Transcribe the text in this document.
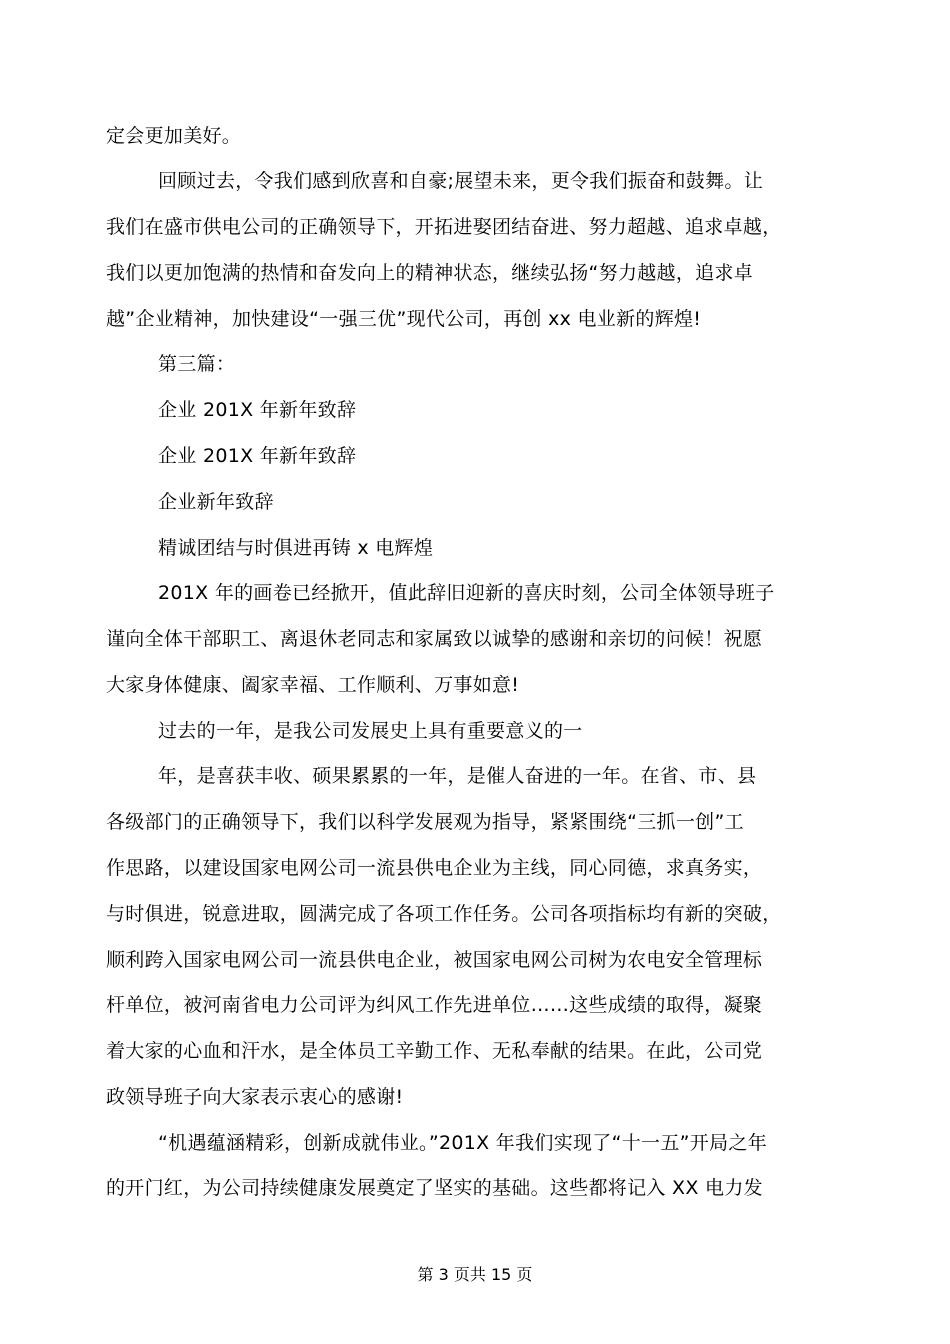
定会更加美好。
回顾过去，令我们感到欣喜和自豪;展望未来，更令我们振奋和鼓舞。让
我们在盛市供电公司的正确领导下，开拓进娶团结奋进、努力超越、追求卓越，
我们以更加饱满的热情和奋发向上的精神状态，继续弘扬“努力越越，追求卓
越”企业精神，加快建设“一强三优”现代公司，再创 xx 电业新的辉煌!
第三篇：
企业 201X 年新年致辞
企业 201X 年新年致辞
企业新年致辞
精诚团结与时俱进再铸 x 电辉煌
201X 年的画卷已经掀开，值此辞旧迎新的喜庆时刻，公司全体领导班子
谨向全体干部职工、离退休老同志和家属致以诚挚的感谢和亲切的问候！祝愿
大家身体健康、阖家幸福、工作顺利、万事如意!
过去的一年，是我公司发展史上具有重要意义的一
年，是喜获丰收、硕果累累的一年，是催人奋进的一年。在省、市、县
各级部门的正确领导下，我们以科学发展观为指导，紧紧围绕“三抓一创”工
作思路，以建设国家电网公司一流县供电企业为主线，同心同德，求真务实，
与时俱进，锐意进取，圆满完成了各项工作任务。公司各项指标均有新的突破，
顺利跨入国家电网公司一流县供电企业，被国家电网公司树为农电安全管理标
杆单位，被河南省电力公司评为纠风工作先进单位……这些成绩的取得，凝聚
着大家的心血和汗水，是全体员工辛勤工作、无私奉献的结果。在此，公司党
政领导班子向大家表示衷心的感谢!
“机遇蕴涵精彩，创新成就伟业。”201X 年我们实现了“十一五”开局之年
的开门红，为公司持续健康发展奠定了坚实的基础。这些都将记入 XX 电力发
第 3 页共 15 页
